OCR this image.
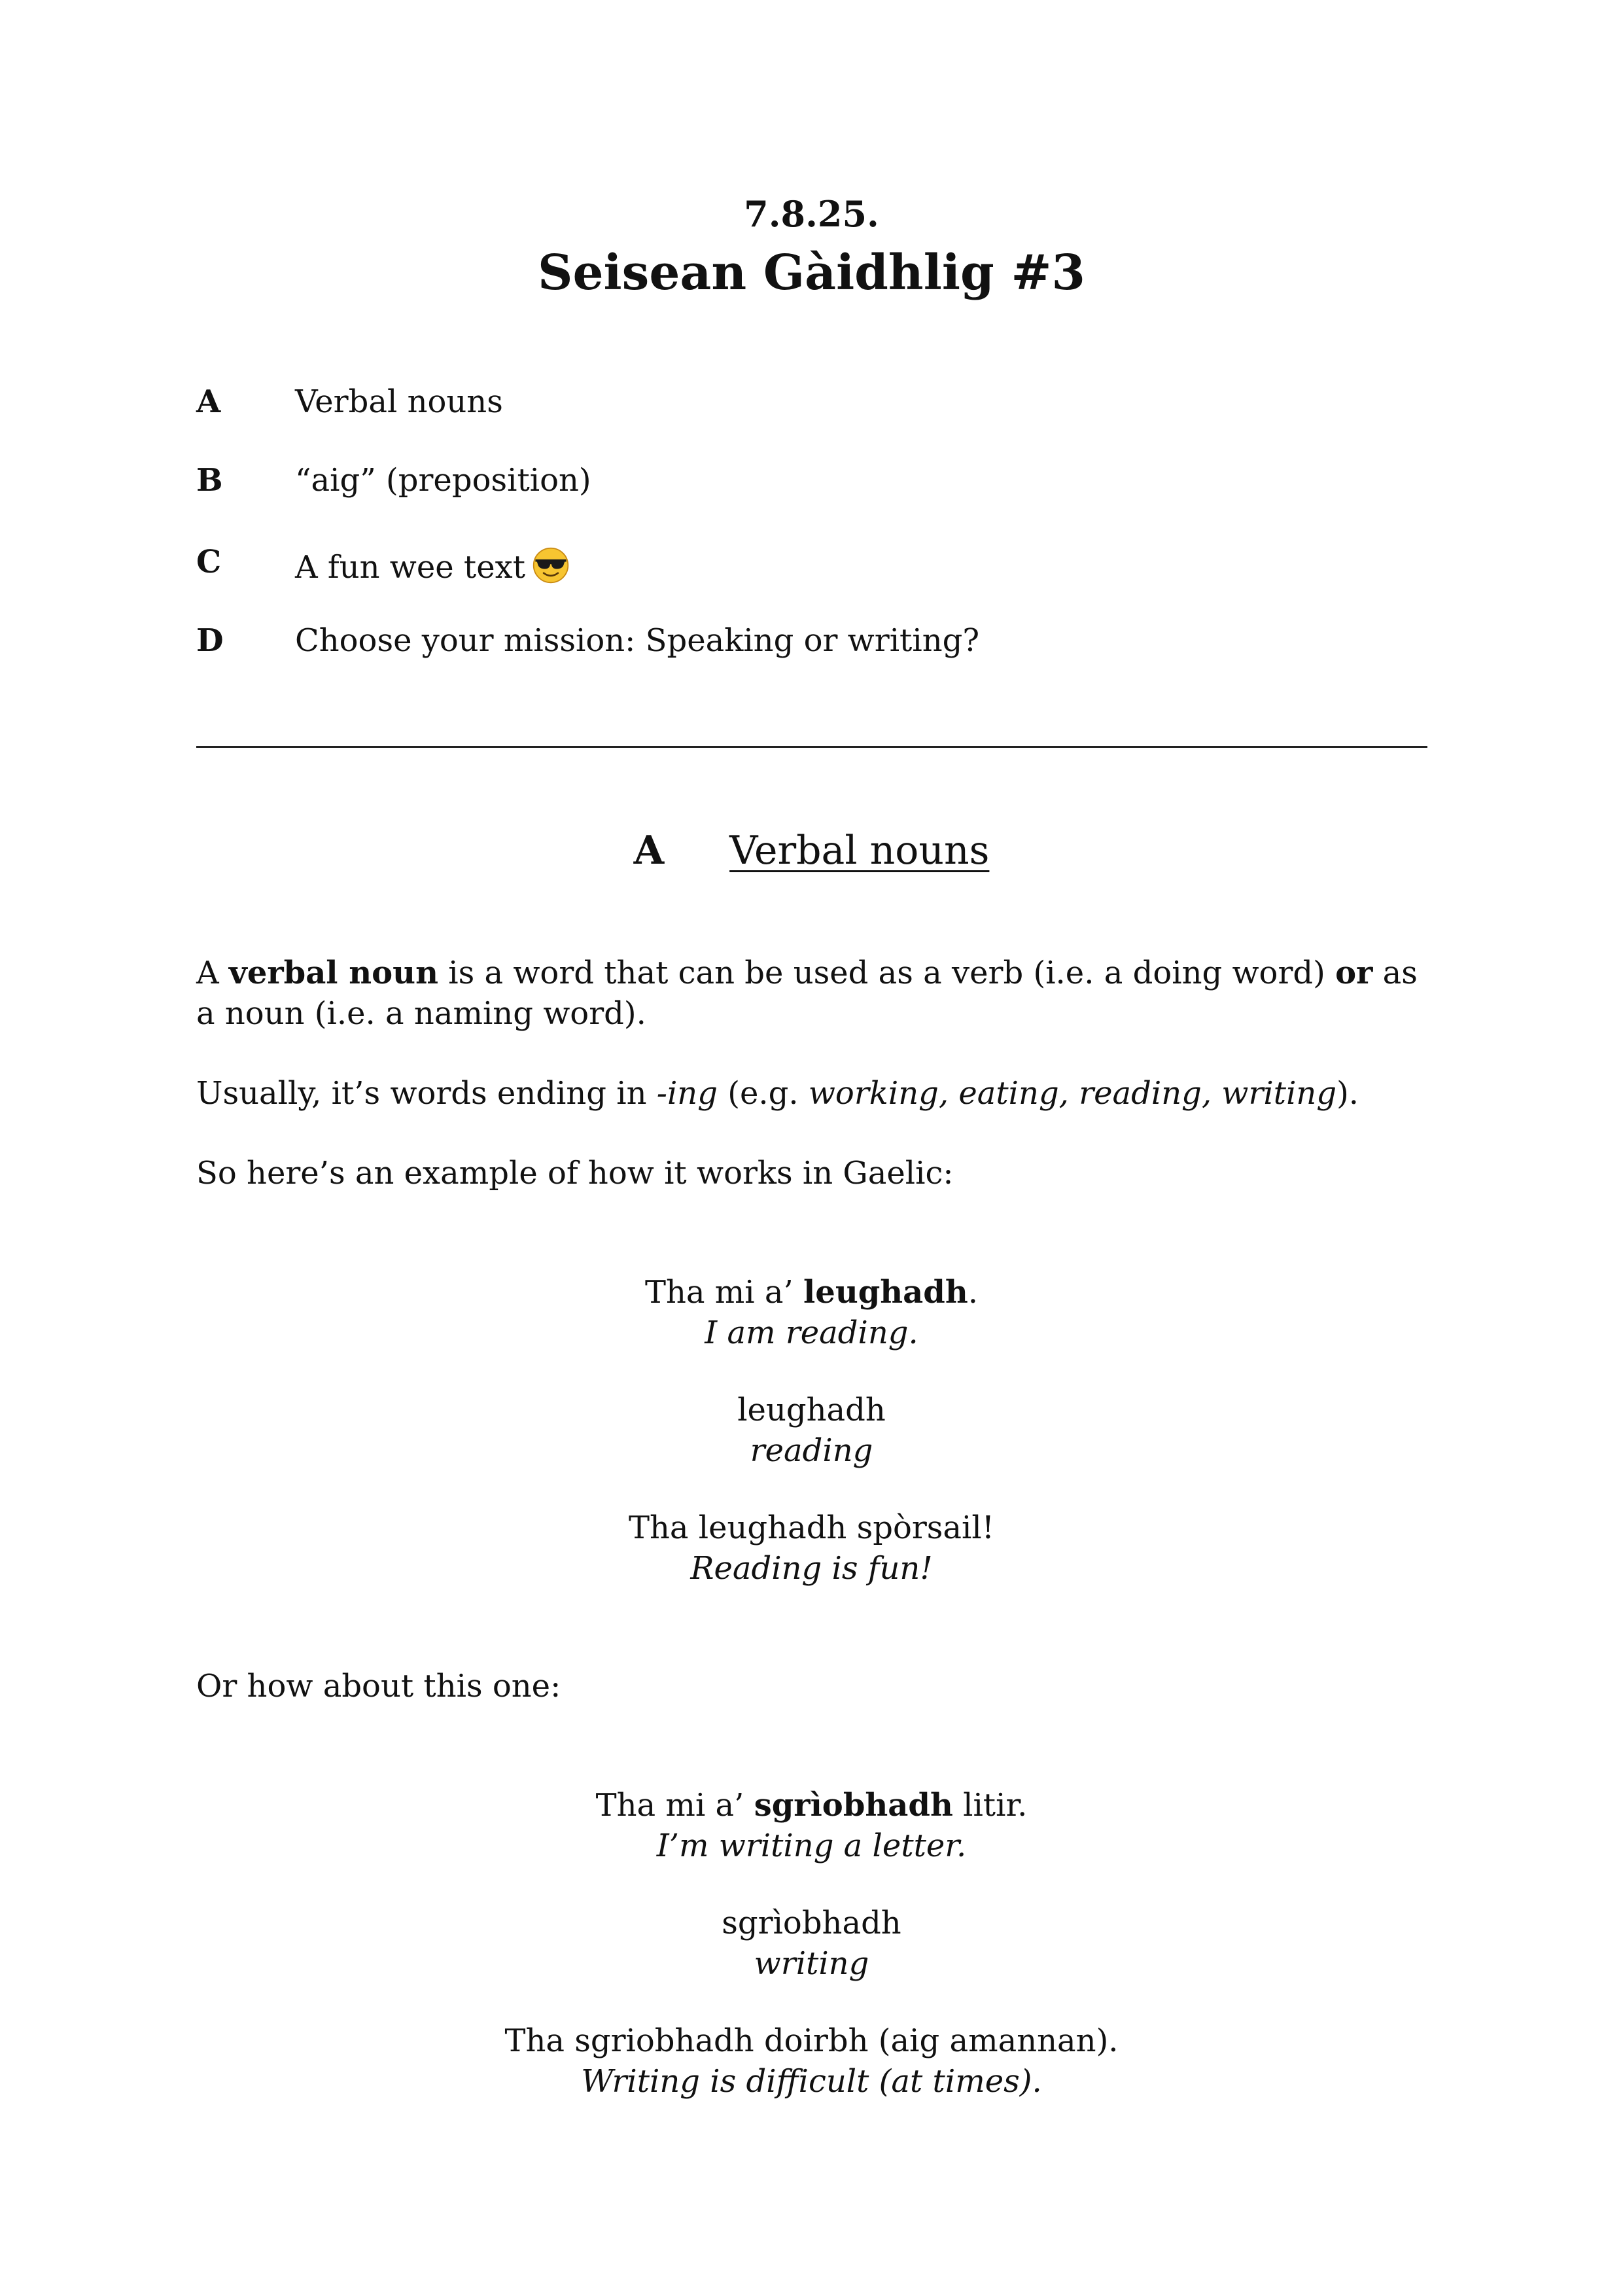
7.8.25.
Seisean Gàidhlig #3
A Verbal nouns
B “aig” (preposition)
C A fun wee text
D Choose your mission: Speaking or writing?
A Verbal nouns
A verbal noun is a word that can be used as a verb (i.e. a doing word) or as a noun (i.e. a naming word).
Usually, it’s words ending in -ing (e.g. working, eating, reading, writing).
So here’s an example of how it works in Gaelic:
Tha mi a’ leughadh.
I am reading.
leughadh
reading
Tha leughadh spòrsail!
Reading is fun!
Or how about this one:
Tha mi a’ sgrìobhadh litir.
I’m writing a letter.
sgrìobhadh
writing
Tha sgriobhadh doirbh (aig amannan).
Writing is difficult (at times).
